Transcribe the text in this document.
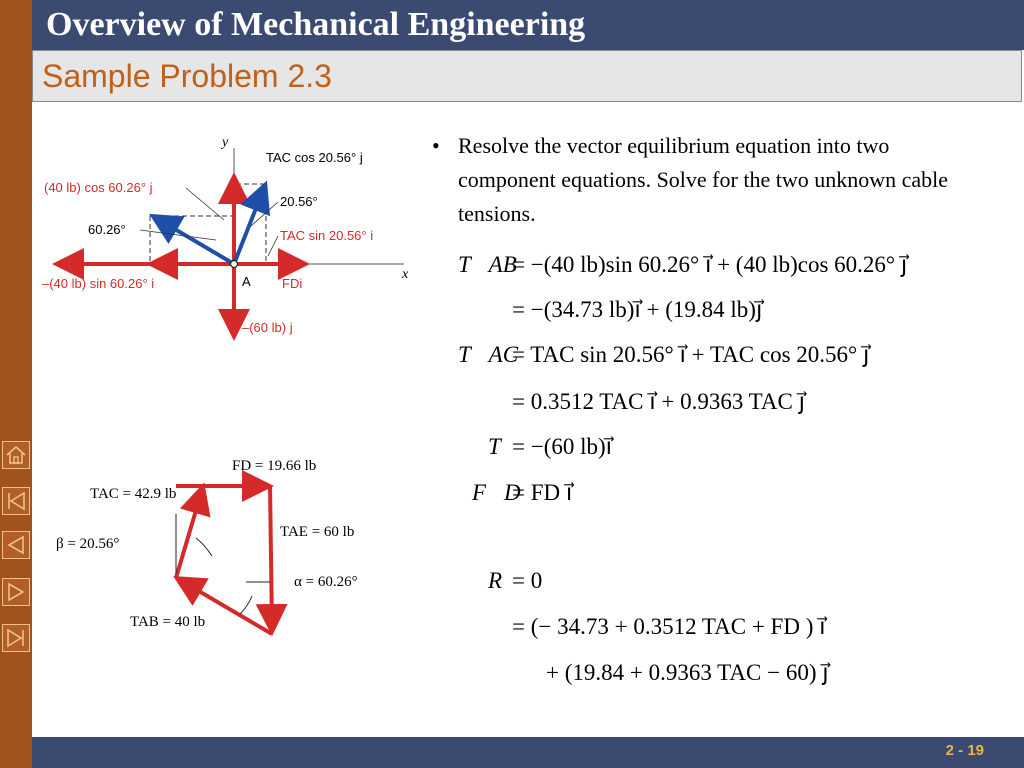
Overview of Mechanical Engineering
Sample Problem 2.3
2 - 19
y
x
TAC cos 20.56° j
(40 lb) cos 60.26° j
20.56°
60.26°	TAC sin 20.56° i
–(40 lb) sin 60.26° i	A FDi
–(60 lb) j
FD = 19.66 lb
TAC = 42.9 lb
TAE = 60 lb
β = 20.56°
α = 60.26°
TAB = 40 lb
• Resolve the vector equilibrium equation into two component equations. Solve for the two unknown cable tensions.
T⃗AB
= −(40 lb)sin 60.26° i⃗ + (40 lb)cos 60.26° j⃗
= −(34.73 lb)i⃗ + (19.84 lb)j⃗
T⃗AC
= TAC sin 20.56° i⃗ + TAC cos 20.56° j⃗
= 0.3512 TAC i⃗ + 0.9363 TAC j⃗
T⃗
= −(60 lb)i⃗
F⃗D
= FD i⃗
R⃗
= 0
= (− 34.73 + 0.3512 TAC + FD ) i⃗
+ (19.84 + 0.9363 TAC − 60) j⃗
